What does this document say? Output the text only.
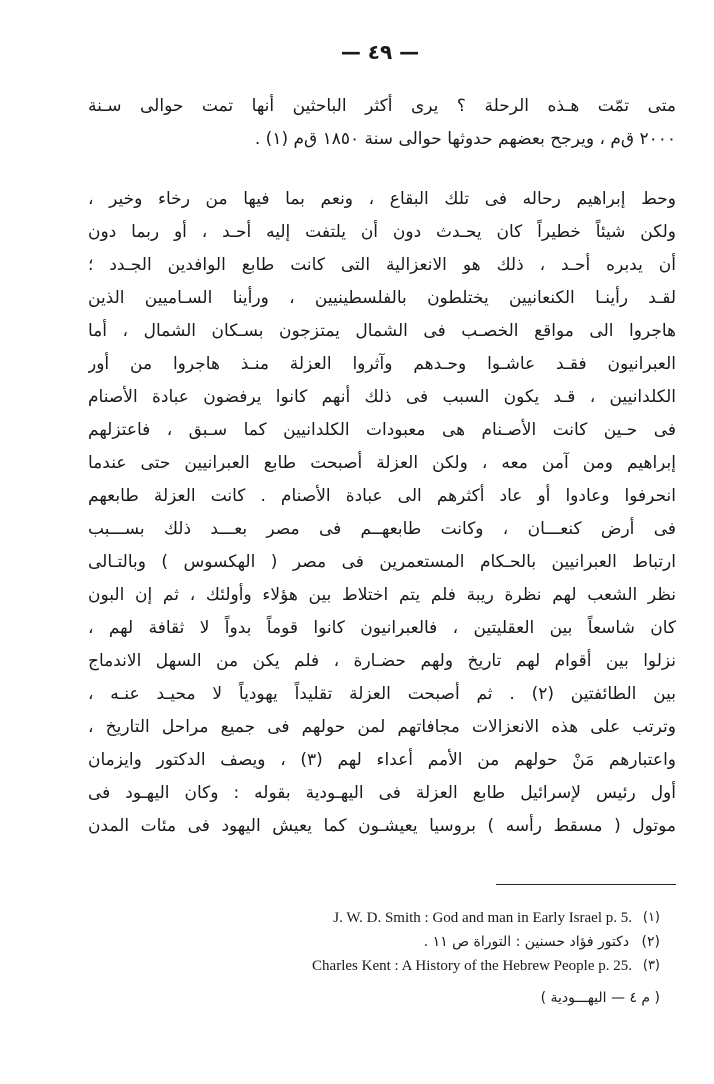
— ٤٩ —
متى تمّت هـذه الرحلة ؟ يرى أكثر الباحثين أنها تمت حوالى سـنة
٢٠٠٠ ق‌م ، ويرجح بعضهم حدوثها حوالى سنة ١٨٥٠ ق‌م (١) .
وحط إبراهيم رحاله فى تلك البقاع ، ونعم بما فيها من رخاء وخير ،
ولكن شيئاً خطيراً كان يحـدث دون أن يلتفت إليه أحـد ، أو ربما دون
أن يدبره أحـد ، ذلك هو الانعزالية التى كانت طابع الوافدين الجـدد ؛
لقـد رأينـا الكنعانيين يختلطون بالفلسطينيين ، ورأينا السـاميين الذين
هاجروا الى مواقع الخصـب فى الشمال يمتزجون بسـكان الشمال ، أما
العبرانيون فقـد عاشـوا وحـدهم وآثروا العزلة منـذ هاجروا من أور
الكلدانيين ، قـد يكون السبب فى ذلك أنهم كانوا يرفضون عبادة الأصنام
فى حـين كانت الأصـنام هى معبودات الكلدانيين كما سـبق ، فاعتزلهم
إبراهيم ومن آمن معه ، ولكن العزلة أصبحت طابع العبرانيين حتى عندما
انحرفوا وعادوا أو عاد أكثرهم الى عبادة الأصنام . كانت العزلة طابعهم
فى أرض كنعـــان ، وكانت طابعهــم فى مصر بعـــد ذلك بســـبب
ارتباط العبرانيين بالحـكام المستعمرين فى مصر ( الهكسوس ) وبالتـالى
نظر الشعب لهم نظرة ريبة فلم يتم اختلاط بين هؤلاء وأولئك ، ثم إن البون
كان شاسعاً بين العقليتين ، فالعبرانيون كانوا قوماً بدواً لا ثقافة لهم ،
نزلوا بين أقوام لهم تاريخ ولهم حضـارة ، فلم يكن من السهل الاندماج
بين الطائفتين (٢) . ثم أصبحت العزلة تقليداً يهودياً لا محيـد عنـه ،
وترتب على هذه الانعزالات مجافاتهم لمن حولهم فى جميع مراحل التاريخ ،
واعتبارهم مَنْ حولهم من الأمم أعداء لهم (٣) ، ويصف الدكتور وايزمان
أول رئيس لإسرائيل طابع العزلة فى اليهـودية بقوله : وكان اليهـود فى
موتول ( مسقط رأسه ) بروسيا يعيشـون كما يعيش اليهود فى مئات المدن
J. W. D. Smith : God and man in Early Israel p. 5. (١)
(٢) دكتور فؤاد حسنين : التوراة ص ١١ .
Charles Kent : A History of the Hebrew People p. 25. (٣)
( م ٤ — اليهـــودية )
